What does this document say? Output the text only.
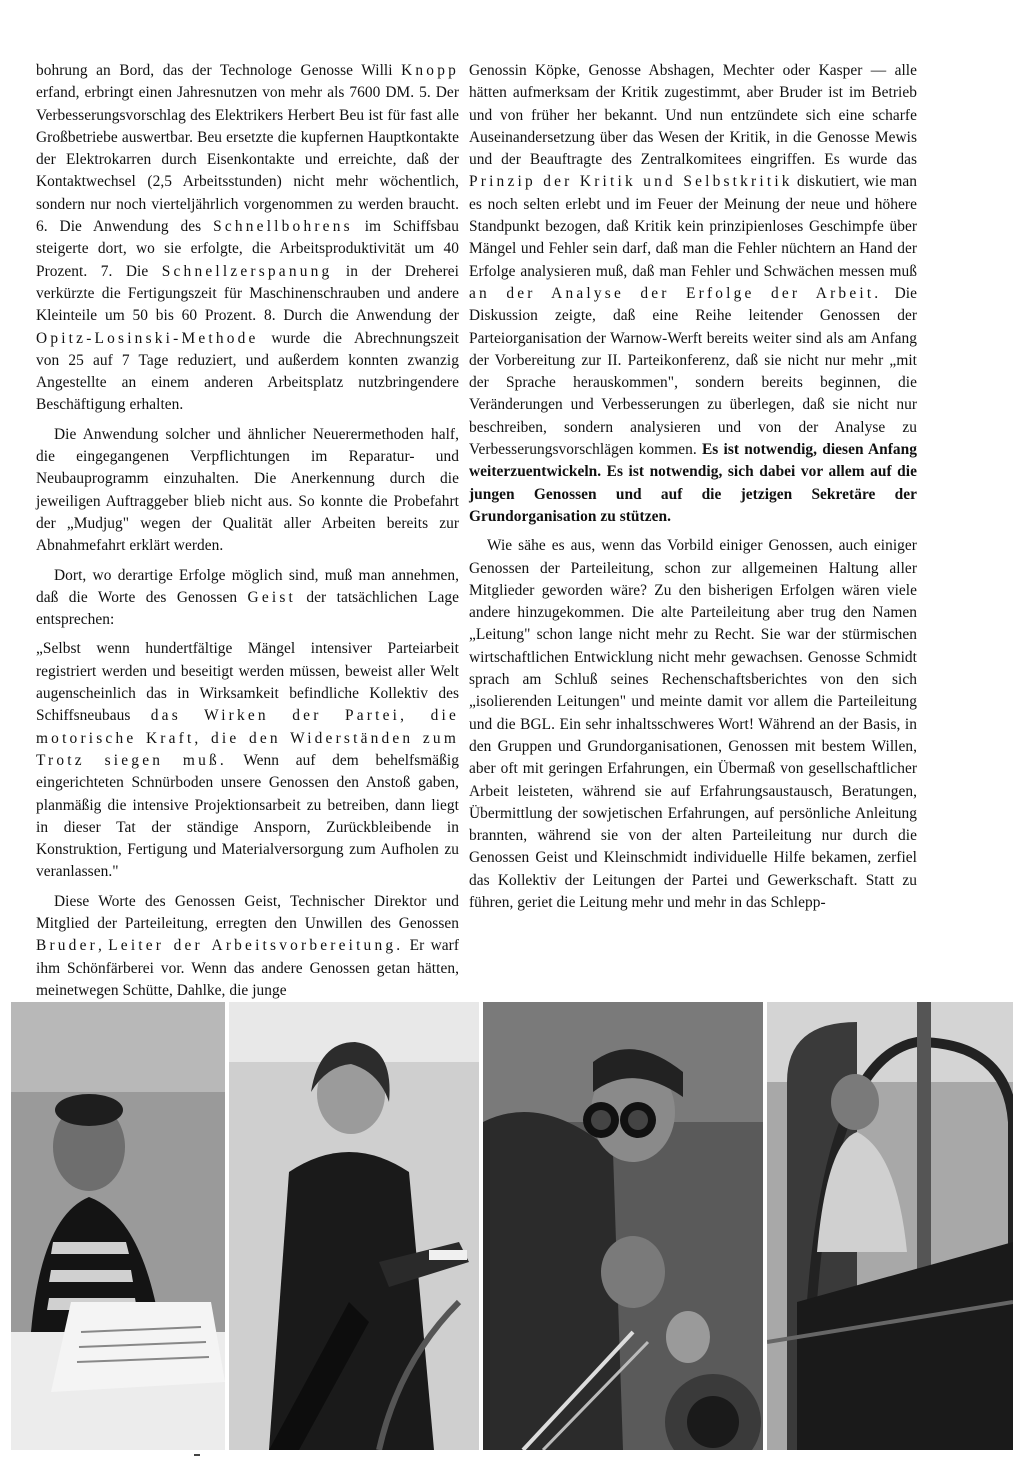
bohrung an Bord, das der Technologe Genosse Willi Knopp erfand, erbringt einen Jahresnutzen von mehr als 7600 DM. 5. Der Verbesserungsvorschlag des Elektrikers Herbert Beu ist für fast alle Großbetriebe auswertbar. Beu ersetzte die kupfernen Hauptkontakte der Elektrokarren durch Eisenkontakte und erreichte, daß der Kontaktwechsel (2,5 Arbeitsstunden) nicht mehr wöchentlich, sondern nur noch vierteljährlich vorgenommen zu werden braucht. 6. Die Anwendung des Schnellbohrens im Schiffsbau steigerte dort, wo sie erfolgte, die Arbeitsproduktivität um 40 Prozent. 7. Die Schnellzerspanung in der Dreherei verkürzte die Fertigungszeit für Maschinenschrauben und andere Kleinteile um 50 bis 60 Prozent. 8. Durch die Anwendung der Opitz-Losinski-Methode wurde die Abrechnungszeit von 25 auf 7 Tage reduziert, und außerdem konnten zwanzig Angestellte an einem anderen Arbeitsplatz nutzbringendere Beschäftigung erhalten.

Die Anwendung solcher und ähnlicher Neuerermethoden half, die eingegangenen Verpflichtungen im Reparatur- und Neubauprogramm einzuhalten. Die Anerkennung durch die jeweiligen Auftraggeber blieb nicht aus. So konnte die Probefahrt der „Mudjug" wegen der Qualität aller Arbeiten bereits zur Abnahmefahrt erklärt werden.

Dort, wo derartige Erfolge möglich sind, muß man annehmen, daß die Worte des Genossen Geist der tatsächlichen Lage entsprechen:

„Selbst wenn hundertfältige Mängel intensiver Parteiarbeit registriert werden und beseitigt werden müssen, beweist aller Welt augenscheinlich das in Wirksamkeit befindliche Kollektiv des Schiffsneubaus das Wirken der Partei, die motorische Kraft, die den Widerständen zum Trotz siegen muß. Wenn auf dem behelfsmäßig eingerichteten Schnürboden unsere Genossen den Anstoß gaben, planmäßig die intensive Projektionsarbeit zu betreiben, dann liegt in dieser Tat der ständige Ansporn, Zurückbleibende in Konstruktion, Fertigung und Materialversorgung zum Aufholen zu veranlassen."

Diese Worte des Genossen Geist, Technischer Direktor und Mitglied der Parteileitung, erregten den Unwillen des Genossen Bruder, Leiter der Arbeitsvorbereitung. Er warf ihm Schönfärberei vor. Wenn das andere Genossen getan hätten, meinetwegen Schütte, Dahlke, die junge

Genossin Köpke, Genosse Abshagen, Mechter oder Kasper — alle hätten aufmerksam der Kritik zugestimmt, aber Bruder ist im Betrieb und von früher her bekannt. Und nun entzündete sich eine scharfe Auseinandersetzung über das Wesen der Kritik, in die Genosse Mewis und der Beauftragte des Zentralkomitees eingriffen. Es wurde das Prinzip der Kritik und Selbstkritik diskutiert, wie man es noch selten erlebt und im Feuer der Meinung der neue und höhere Standpunkt bezogen, daß Kritik kein prinzipienloses Geschimpfe über Mängel und Fehler sein darf, daß man die Fehler nüchtern an Hand der Erfolge analysieren muß, daß man Fehler und Schwächen messen muß an der Analyse der Erfolge der Arbeit. Die Diskussion zeigte, daß eine Reihe leitender Genossen der Parteiorganisation der Warnow-Werft bereits weiter sind als am Anfang der Vorbereitung zur II. Parteikonferenz, daß sie nicht nur mehr „mit der Sprache herauskommen", sondern bereits beginnen, die Veränderungen und Verbesserungen zu überlegen, daß sie nicht nur beschreiben, sondern analysieren und von der Analyse zu Verbesserungsvorschlägen kommen. Es ist notwendig, diesen Anfang weiterzuentwickeln. Es ist notwendig, sich dabei vor allem auf die jungen Genossen und auf die jetzigen Sekretäre der Grundorganisation zu stützen.

Wie sähe es aus, wenn das Vorbild einiger Genossen, auch einiger Genossen der Parteileitung, schon zur allgemeinen Haltung aller Mitglieder geworden wäre? Zu den bisherigen Erfolgen wären viele andere hinzugekommen. Die alte Parteileitung aber trug den Namen „Leitung" schon lange nicht mehr zu Recht. Sie war der stürmischen wirtschaftlichen Entwicklung nicht mehr gewachsen. Genosse Schmidt sprach am Schluß seines Rechenschaftsberichtes von den sich „isolierenden Leitungen" und meinte damit vor allem die Parteileitung und die BGL. Ein sehr inhaltsschweres Wort! Während an der Basis, in den Gruppen und Grundorganisationen, Genossen mit bestem Willen, aber oft mit geringen Erfahrungen, ein Übermaß von gesellschaftlicher Arbeit leisteten, während sie auf Erfahrungsaustausch, Beratungen, Übermittlung der sowjetischen Erfahrungen, auf persönliche Anleitung brannten, während sie von der alten Parteileitung nur durch die Genossen Geist und Kleinschmidt individuelle Hilfe bekamen, zerfiel das Kollektiv der Leitungen der Partei und Gewerkschaft. Statt zu führen, geriet die Leitung mehr und mehr in das Schlepp-
